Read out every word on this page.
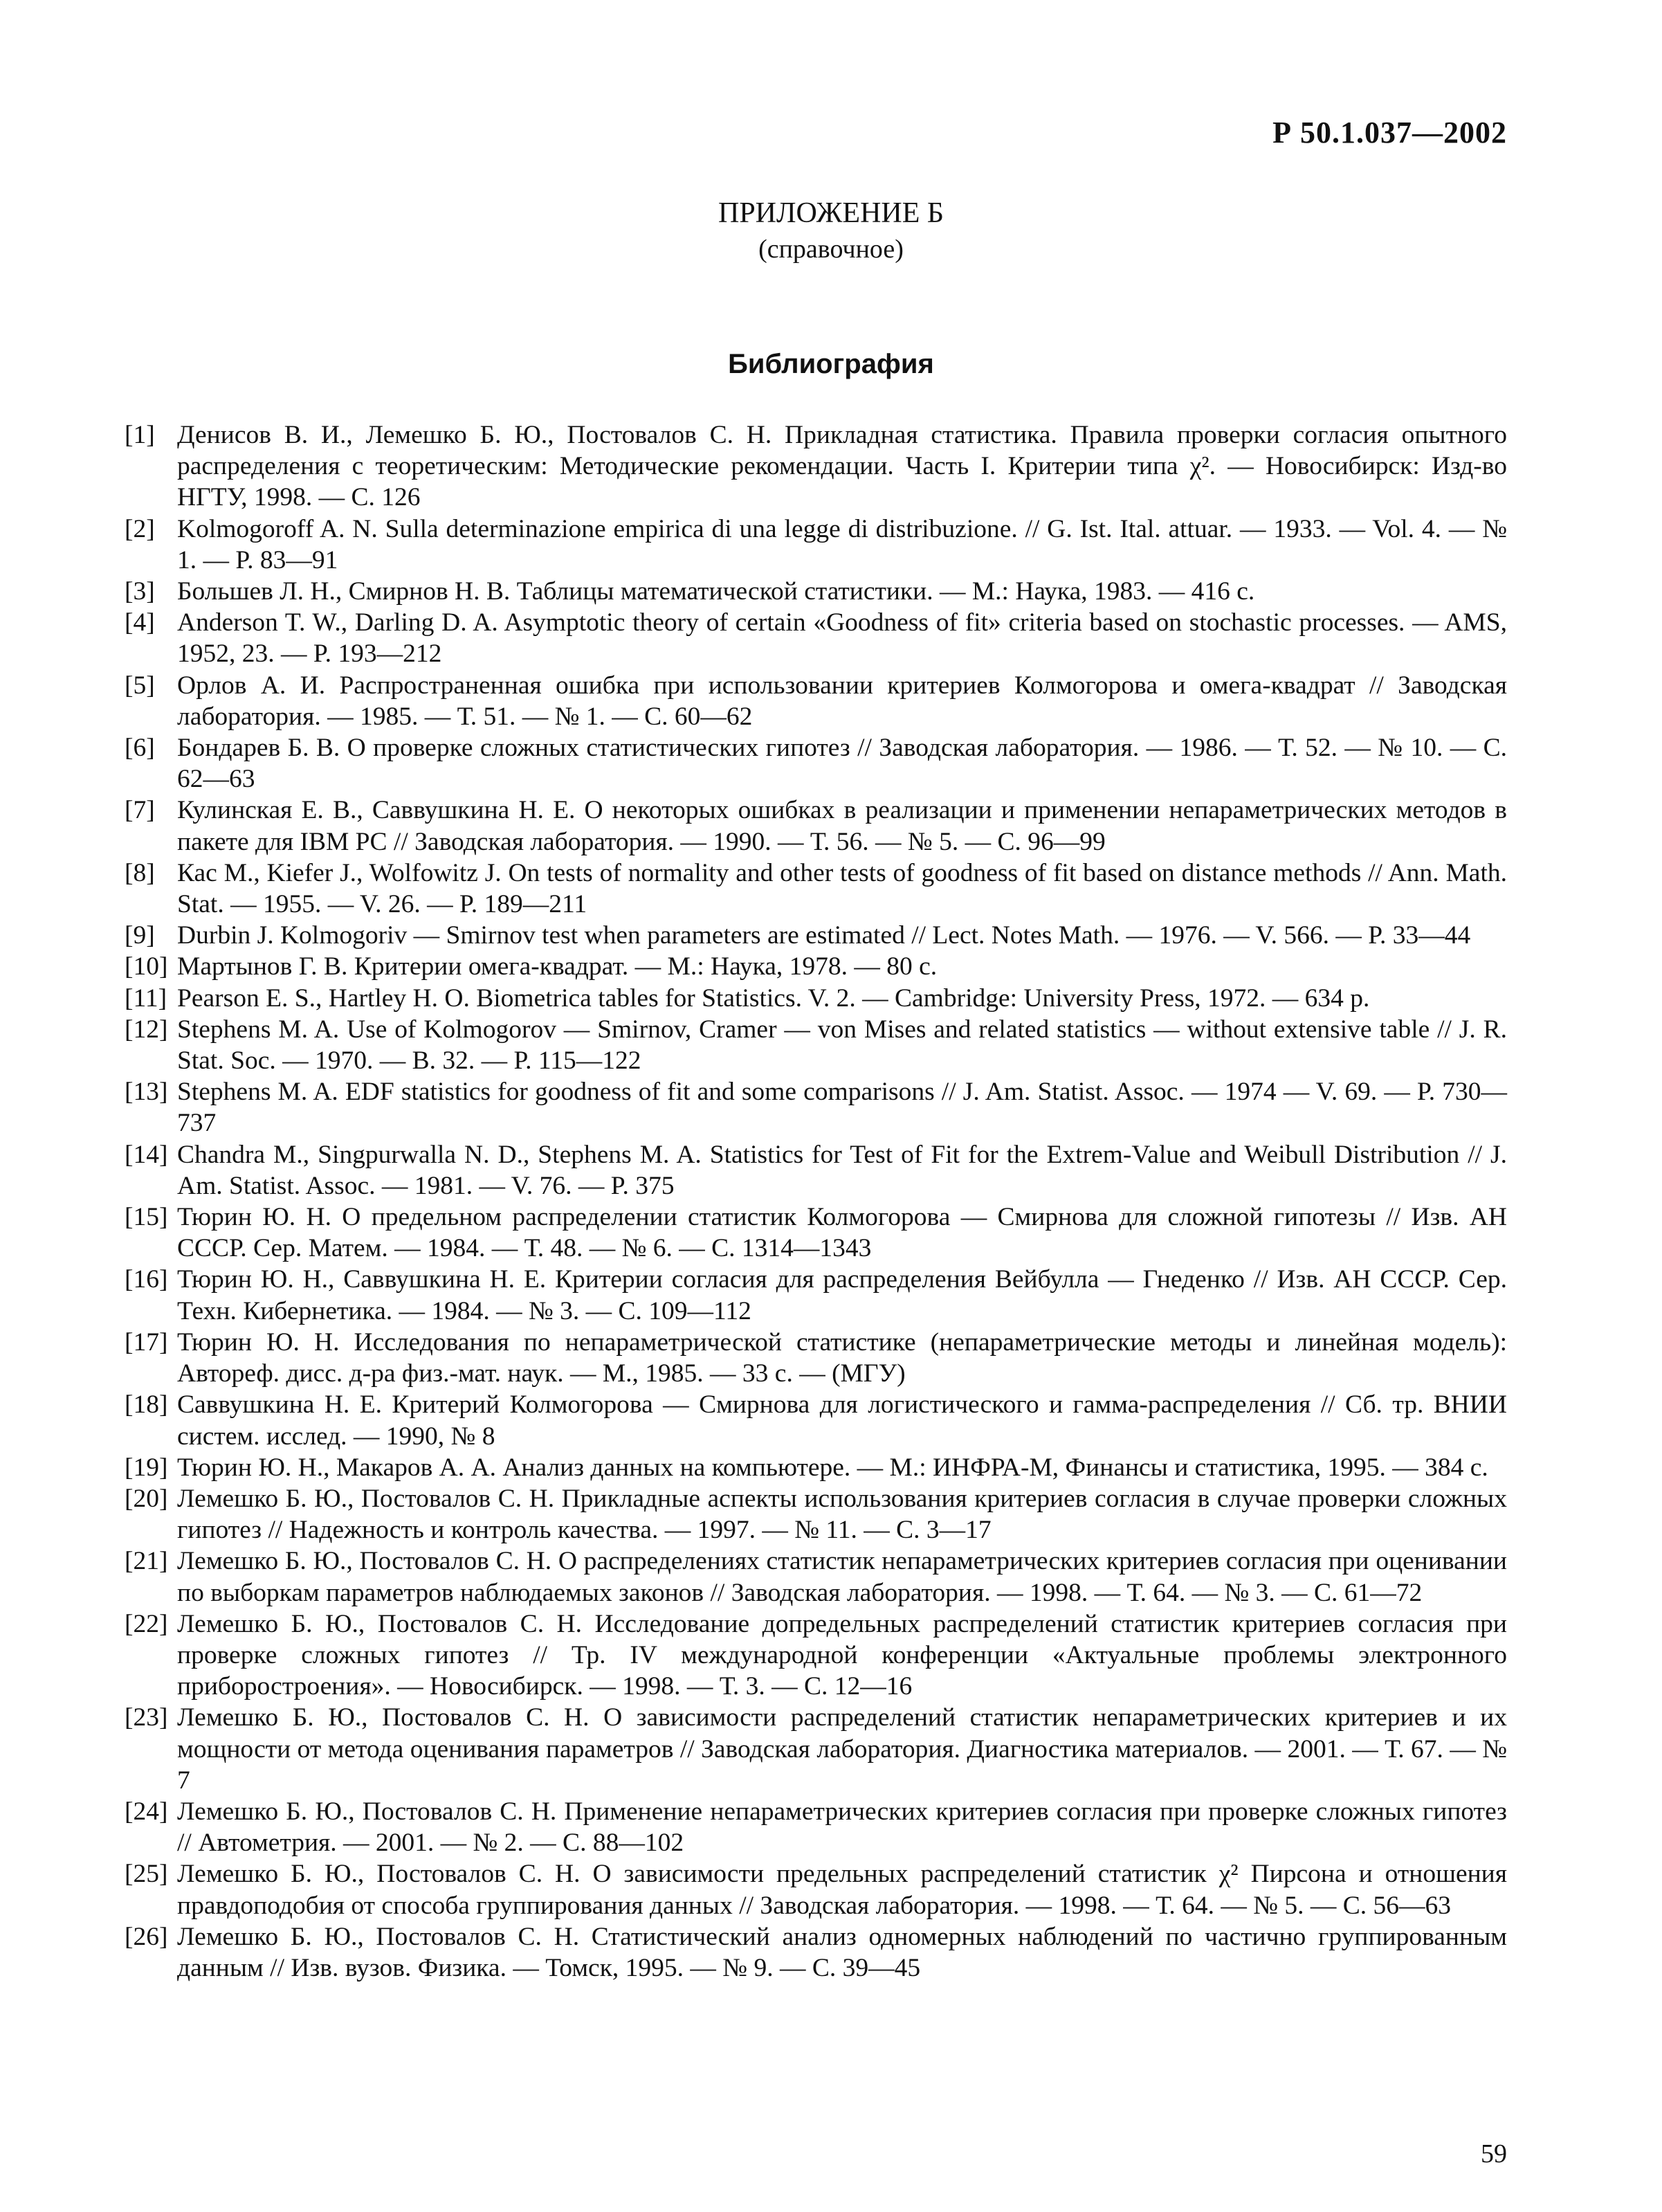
Р 50.1.037—2002
ПРИЛОЖЕНИЕ Б
(справочное)
Библиография
[1] Денисов В. И., Лемешко Б. Ю., Постовалов С. Н. Прикладная статистика. Правила проверки согласия опытного распределения с теоретическим: Методические рекомендации. Часть I. Критерии типа χ². — Новосибирск: Изд-во НГТУ, 1998. — С. 126
[2] Kolmogoroff A. N. Sulla determinazione empirica di una legge di distribuzione. // G. Ist. Ital. attuar. — 1933. — Vol. 4. — № 1. — P. 83—91
[3] Большев Л. Н., Смирнов Н. В. Таблицы математической статистики. — М.: Наука, 1983. — 416 с.
[4] Anderson T. W., Darling D. A. Asymptotic theory of certain «Goodness of fit» criteria based on stochastic processes. — AMS, 1952, 23. — P. 193—212
[5] Орлов А. И. Распространенная ошибка при использовании критериев Колмогорова и омега-квадрат // Заводская лаборатория. — 1985. — Т. 51. — № 1. — С. 60—62
[6] Бондарев Б. В. О проверке сложных статистических гипотез // Заводская лаборатория. — 1986. — Т. 52. — № 10. — С. 62—63
[7] Кулинская Е. В., Саввушкина Н. Е. О некоторых ошибках в реализации и применении непараметрических методов в пакете для IBM PC // Заводская лаборатория. — 1990. — Т. 56. — № 5. — С. 96—99
[8] Кас М., Kiefer J., Wolfowitz J. On tests of normality and other tests of goodness of fit based on distance methods // Ann. Math. Stat. — 1955. — V. 26. — P. 189—211
[9] Durbin J. Kolmogoriv — Smirnov test when parameters are estimated // Lect. Notes Math. — 1976. — V. 566. — P. 33—44
[10] Мартынов Г. В. Критерии омега-квадрат. — М.: Наука, 1978. — 80 с.
[11] Pearson E. S., Hartley H. O. Biometrica tables for Statistics. V. 2. — Cambridge: University Press, 1972. — 634 p.
[12] Stephens M. A. Use of Kolmogorov — Smirnov, Cramer — von Mises and related statistics — without extensive table // J. R. Stat. Soc. — 1970. — B. 32. — P. 115—122
[13] Stephens M. A. EDF statistics for goodness of fit and some comparisons // J. Am. Statist. Assoc. — 1974 — V. 69. — P. 730—737
[14] Chandra M., Singpurwalla N. D., Stephens M. A. Statistics for Test of Fit for the Extrem-Value and Weibull Distribution // J. Am. Statist. Assoc. — 1981. — V. 76. — P. 375
[15] Тюрин Ю. Н. О предельном распределении статистик Колмогорова — Смирнова для сложной гипотезы // Изв. АН СССР. Сер. Матем. — 1984. — Т. 48. — № 6. — С. 1314—1343
[16] Тюрин Ю. Н., Саввушкина Н. Е. Критерии согласия для распределения Вейбулла — Гнеденко // Изв. АН СССР. Сер. Техн. Кибернетика. — 1984. — № 3. — С. 109—112
[17] Тюрин Ю. Н. Исследования по непараметрической статистике (непараметрические методы и линейная модель): Автореф. дисс. д-ра физ.-мат. наук. — М., 1985. — 33 с. — (МГУ)
[18] Саввушкина Н. Е. Критерий Колмогорова — Смирнова для логистического и гамма-распределения // Сб. тр. ВНИИ систем. исслед. — 1990, № 8
[19] Тюрин Ю. Н., Макаров А. А. Анализ данных на компьютере. — М.: ИНФРА-М, Финансы и статистика, 1995. — 384 с.
[20] Лемешко Б. Ю., Постовалов С. Н. Прикладные аспекты использования критериев согласия в случае проверки сложных гипотез // Надежность и контроль качества. — 1997. — № 11. — С. 3—17
[21] Лемешко Б. Ю., Постовалов С. Н. О распределениях статистик непараметрических критериев согласия при оценивании по выборкам параметров наблюдаемых законов // Заводская лаборатория. — 1998. — Т. 64. — № 3. — С. 61—72
[22] Лемешко Б. Ю., Постовалов С. Н. Исследование допредельных распределений статистик критериев согласия при проверке сложных гипотез // Тр. IV международной конференции «Актуальные проблемы электронного приборостроения». — Новосибирск. — 1998. — Т. 3. — С. 12—16
[23] Лемешко Б. Ю., Постовалов С. Н. О зависимости распределений статистик непараметрических критериев и их мощности от метода оценивания параметров // Заводская лаборатория. Диагностика материалов. — 2001. — Т. 67. — № 7
[24] Лемешко Б. Ю., Постовалов С. Н. Применение непараметрических критериев согласия при проверке сложных гипотез // Автометрия. — 2001. — № 2. — С. 88—102
[25] Лемешко Б. Ю., Постовалов С. Н. О зависимости предельных распределений статистик χ² Пирсона и отношения правдоподобия от способа группирования данных // Заводская лаборатория. — 1998. — Т. 64. — № 5. — С. 56—63
[26] Лемешко Б. Ю., Постовалов С. Н. Статистический анализ одномерных наблюдений по частично группированным данным // Изв. вузов. Физика. — Томск, 1995. — № 9. — С. 39—45
59
